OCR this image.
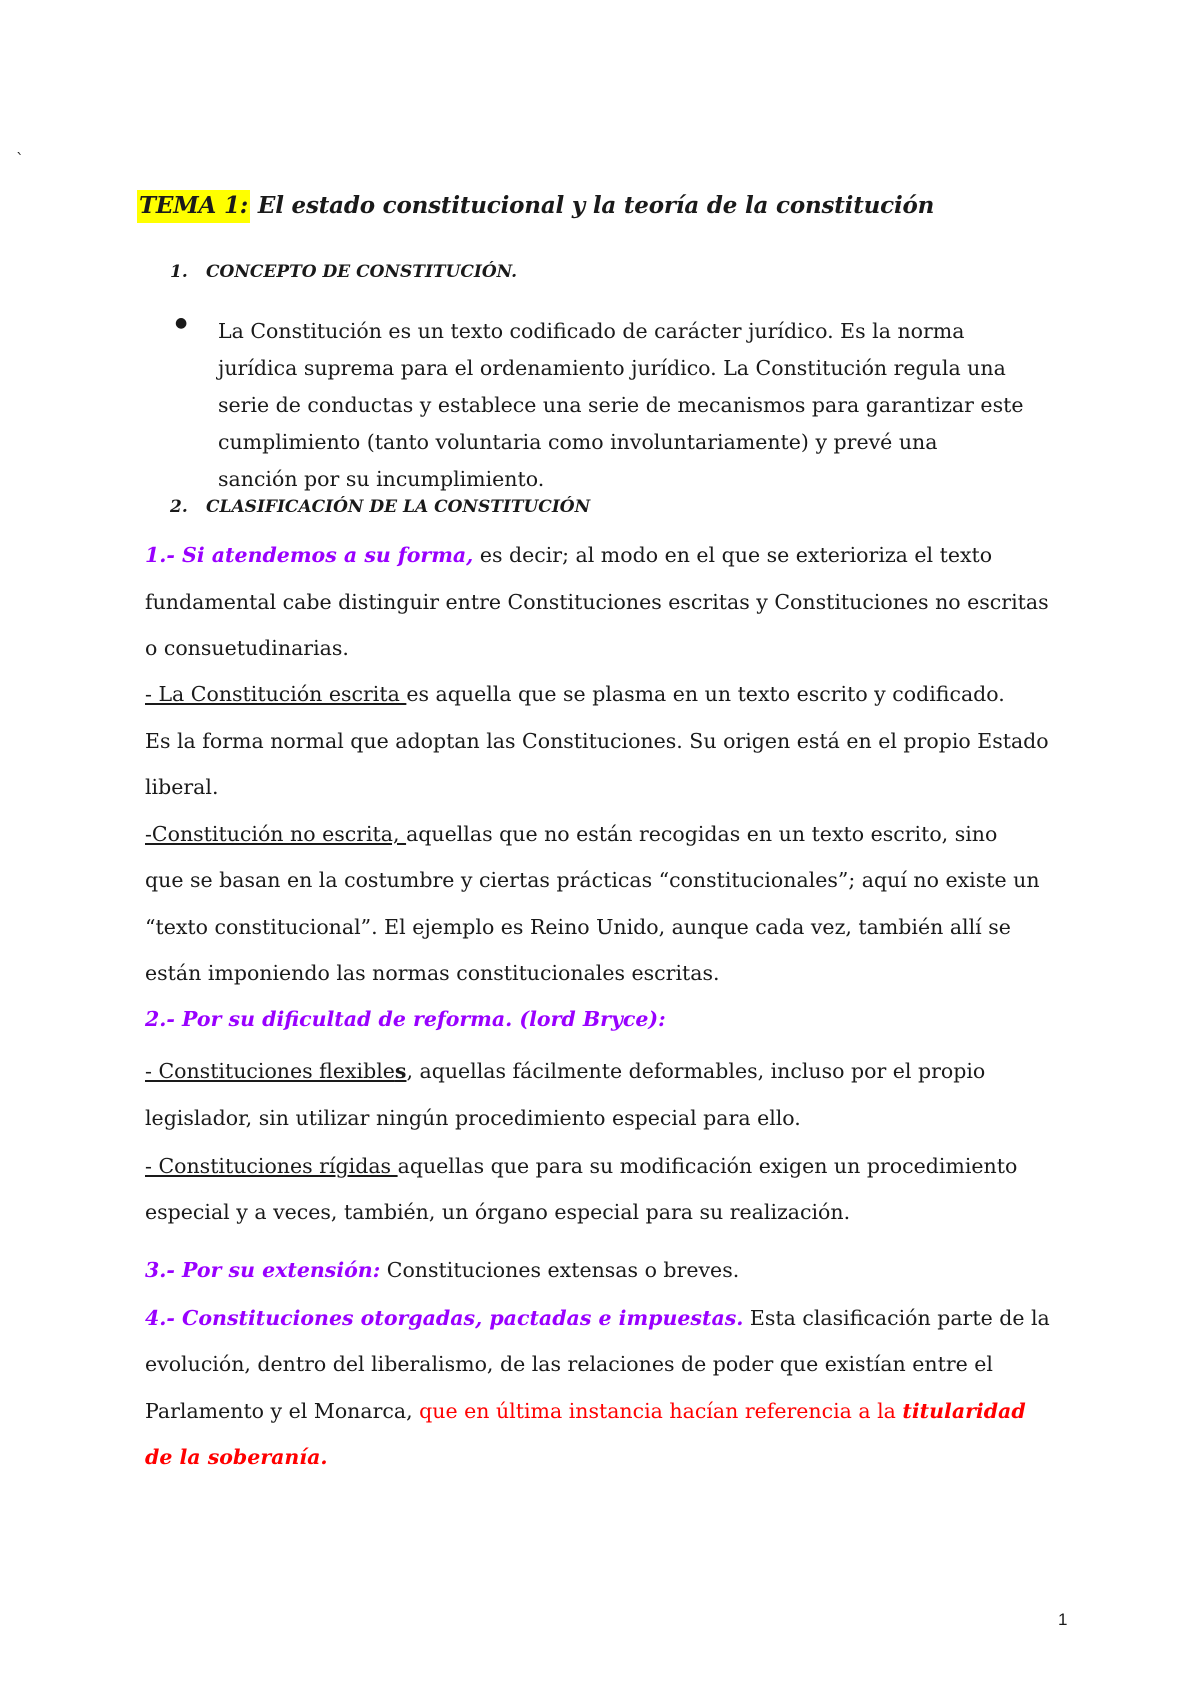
`
TEMA 1: El estado constitucional y la teoría de la constitución
1. CONCEPTO DE CONSTITUCIÓN.
● La Constitución es un texto codificado de carácter jurídico. Es la norma
jurídica suprema para el ordenamiento jurídico. La Constitución regula una
serie de conductas y establece una serie de mecanismos para garantizar este
cumplimiento (tanto voluntaria como involuntariamente) y prevé una
sanción por su incumplimiento.
2. CLASIFICACIÓN DE LA CONSTITUCIÓN
1.- Si atendemos a su forma, es decir; al modo en el que se exterioriza el texto
fundamental cabe distinguir entre Constituciones escritas y Constituciones no escritas
o consuetudinarias.
- La Constitución escrita es aquella que se plasma en un texto escrito y codificado.
Es la forma normal que adoptan las Constituciones. Su origen está en el propio Estado
liberal.
-Constitución no escrita, aquellas que no están recogidas en un texto escrito, sino
que se basan en la costumbre y ciertas prácticas “constitucionales”; aquí no existe un
“texto constitucional”. El ejemplo es Reino Unido, aunque cada vez, también allí se
están imponiendo las normas constitucionales escritas.
2.- Por su dificultad de reforma. (lord Bryce):
- Constituciones flexibles, aquellas fácilmente deformables, incluso por el propio
legislador, sin utilizar ningún procedimiento especial para ello.
- Constituciones rígidas aquellas que para su modificación exigen un procedimiento
especial y a veces, también, un órgano especial para su realización.
3.- Por su extensión: Constituciones extensas o breves.
4.- Constituciones otorgadas, pactadas e impuestas. Esta clasificación parte de la
evolución, dentro del liberalismo, de las relaciones de poder que existían entre el
Parlamento y el Monarca, que en última instancia hacían referencia a la titularidad
de la soberanía.
1
